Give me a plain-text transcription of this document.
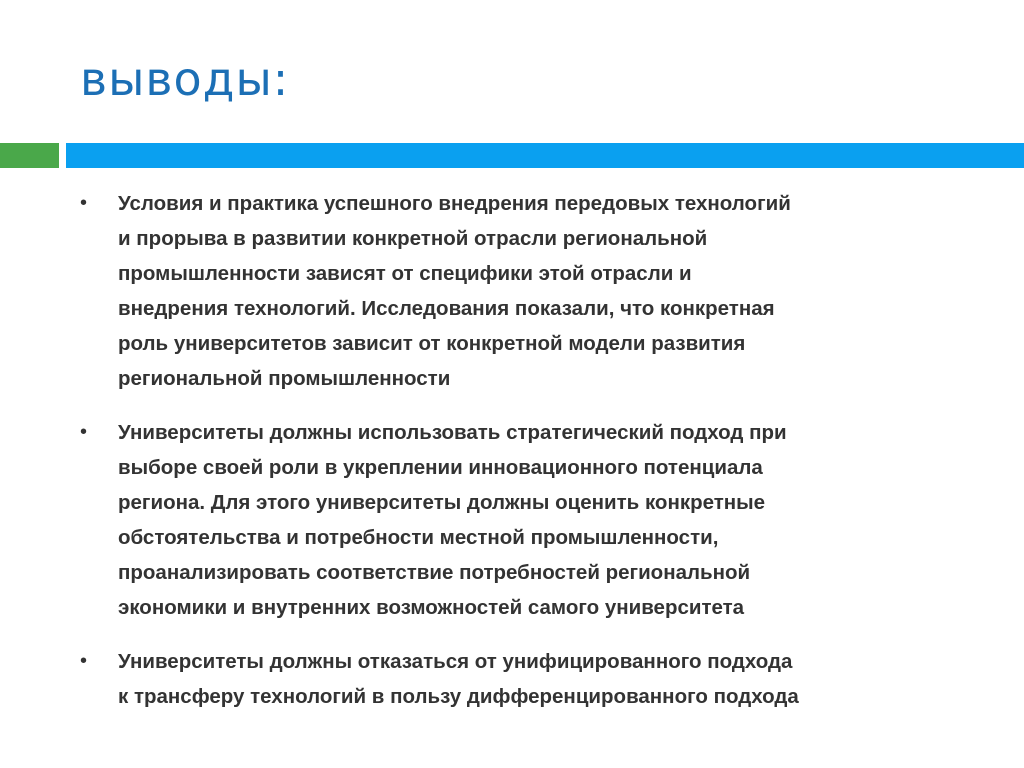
выводы:
•	Условия и практика успешного внедрения передовых технологий
и прорыва в развитии конкретной отрасли региональной
промышленности зависят от специфики этой отрасли и
внедрения технологий. Исследования показали, что конкретная
роль университетов зависит от конкретной модели развития
региональной промышленности
•	Университеты должны использовать стратегический подход при
выборе своей роли в укреплении инновационного потенциала
региона. Для этого университеты должны оценить конкретные
обстоятельства и потребности местной промышленности,
проанализировать соответствие потребностей региональной
экономики и внутренних возможностей самого университета
•	Университеты должны отказаться от унифицированного подхода
к трансферу технологий в пользу дифференцированного подхода
